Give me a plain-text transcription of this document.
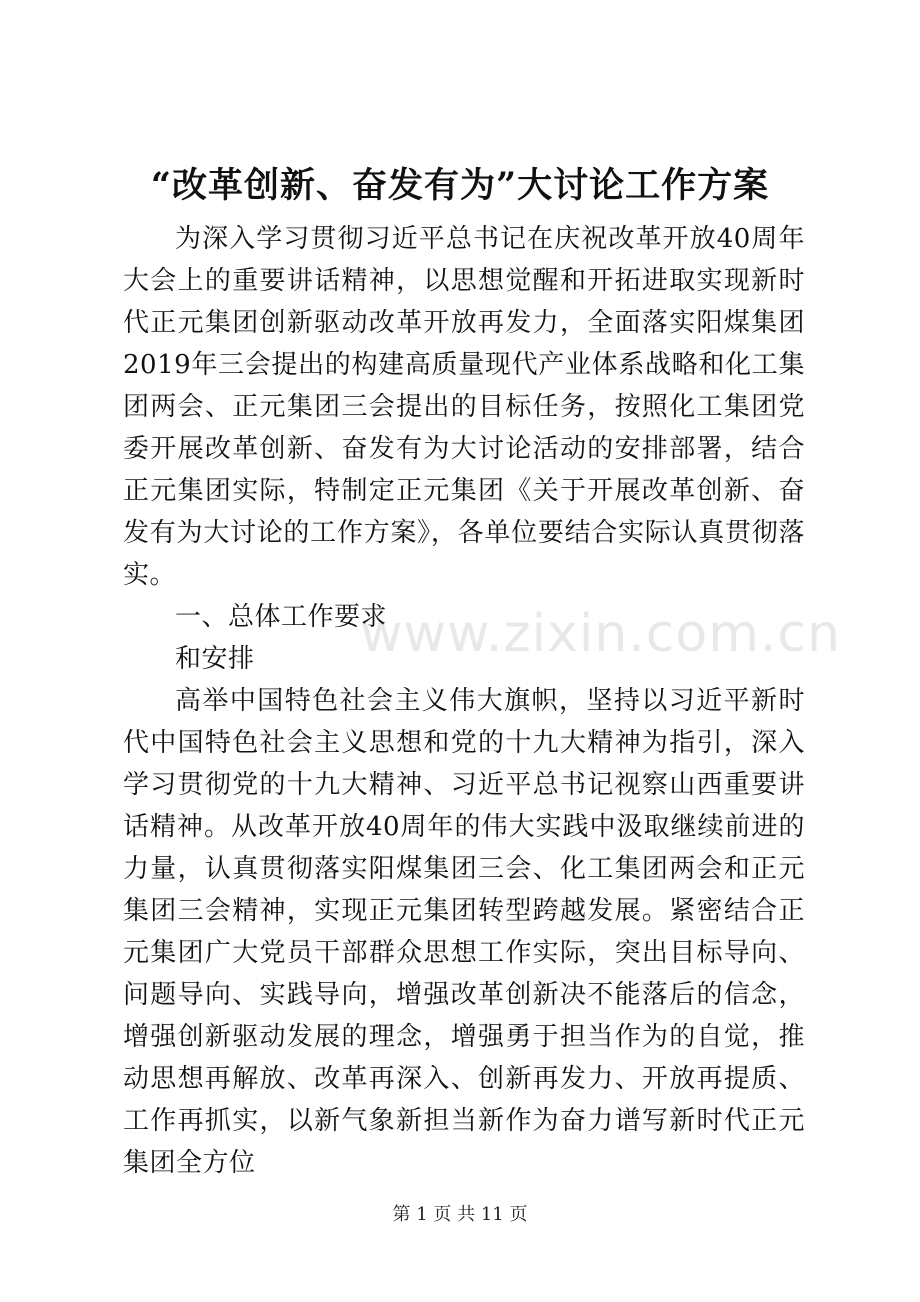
“改革创新、奋发有为”大讨论工作方案

为深入学习贯彻习近平总书记在庆祝改革开放40周年大会上的重要讲话精神，以思想觉醒和开拓进取实现新时代正元集团创新驱动改革开放再发力，全面落实阳煤集团2019年三会提出的构建高质量现代产业体系战略和化工集团两会、正元集团三会提出的目标任务，按照化工集团党委开展改革创新、奋发有为大讨论活动的安排部署，结合正元集团实际，特制定正元集团《关于开展改革创新、奋发有为大讨论的工作方案》，各单位要结合实际认真贯彻落实。

一、总体工作要求

和安排

高举中国特色社会主义伟大旗帜，坚持以习近平新时代中国特色社会主义思想和党的十九大精神为指引，深入学习贯彻党的十九大精神、习近平总书记视察山西重要讲话精神。从改革开放40周年的伟大实践中汲取继续前进的力量，认真贯彻落实阳煤集团三会、化工集团两会和正元集团三会精神，实现正元集团转型跨越发展。紧密结合正元集团广大党员干部群众思想工作实际，突出目标导向、问题导向、实践导向，增强改革创新决不能落后的信念，增强创新驱动发展的理念，增强勇于担当作为的自觉，推动思想再解放、改革再深入、创新再发力、开放再提质、工作再抓实，以新气象新担当新作为奋力谱写新时代正元集团全方位

www.zixin.com.cn
第 1 页 共 11 页
